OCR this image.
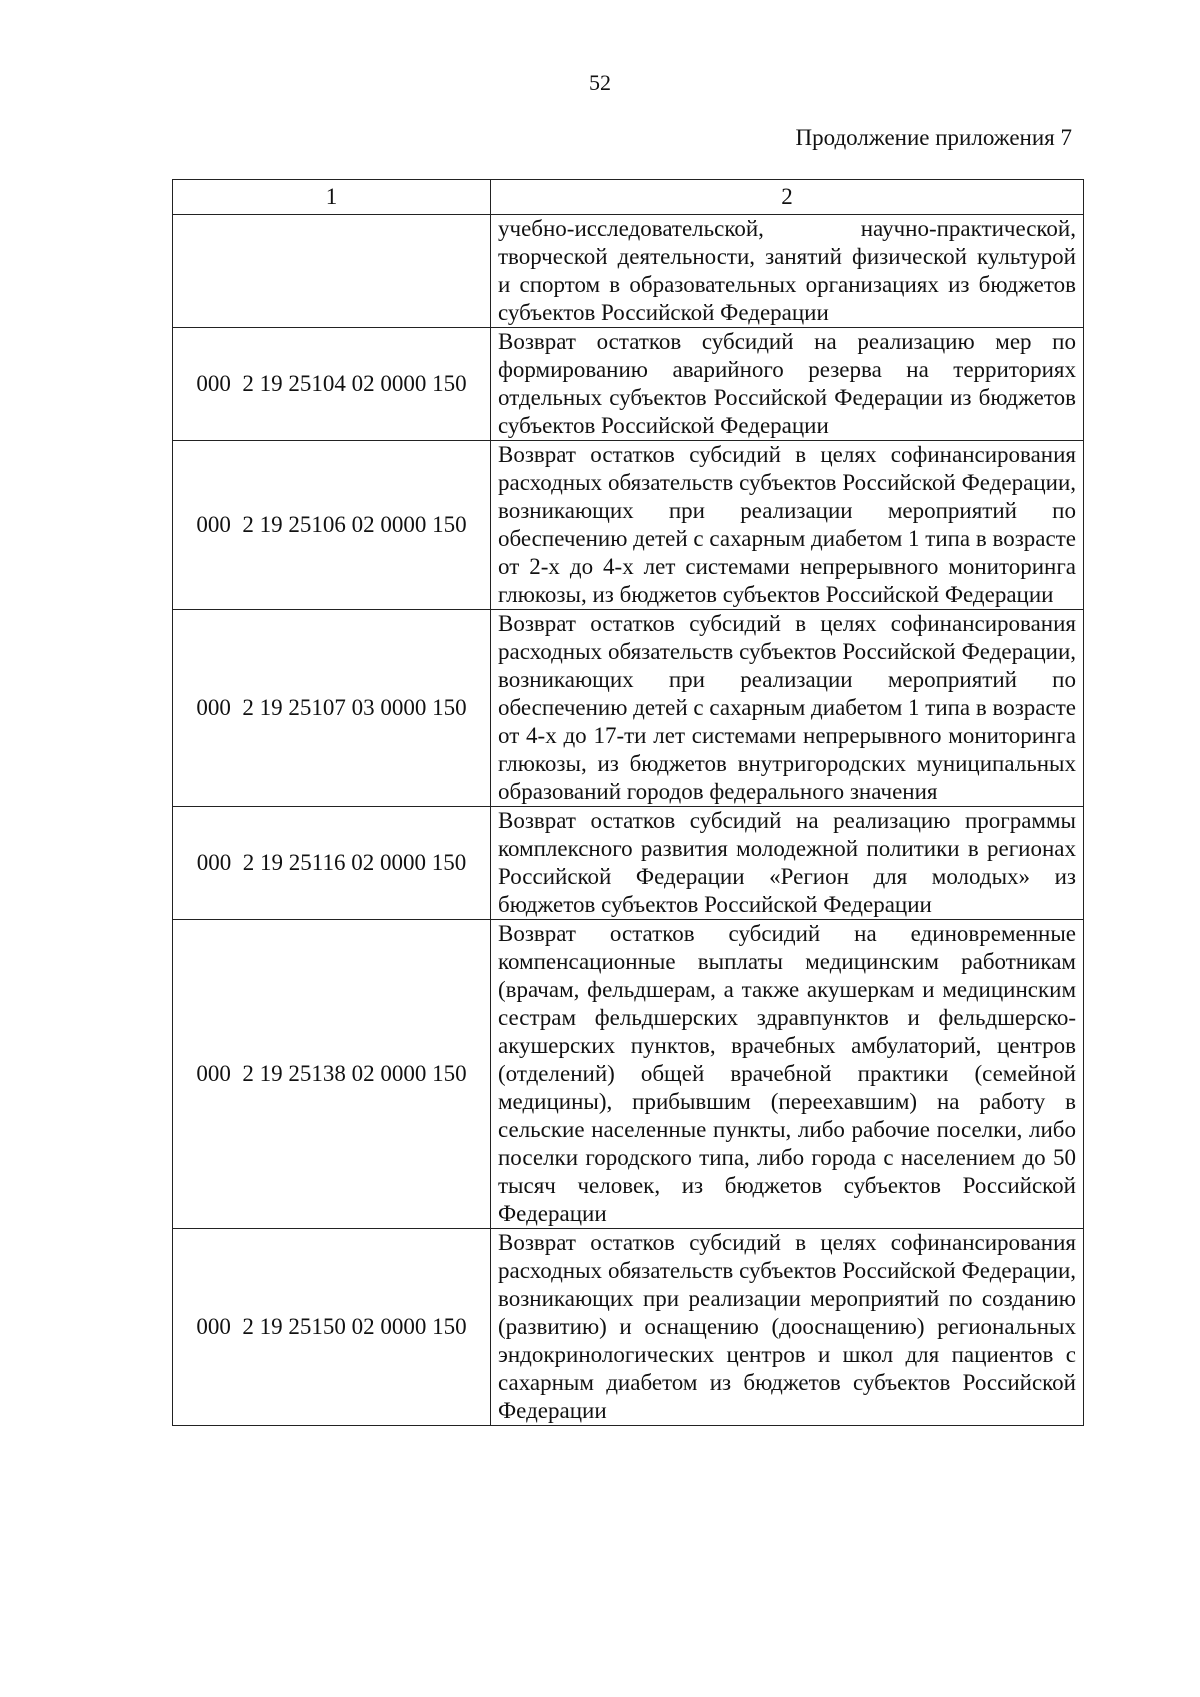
52
Продолжение приложения 7
1	2
	учебно-исследовательской, научно-практической, творческой деятельности, занятий физической культурой и спортом в образовательных организациях из бюджетов субъектов Российской Федерации
000  2 19 25104 02 0000 150	Возврат остатков субсидий на реализацию мер по формированию аварийного резерва на территориях отдельных субъектов Российской Федерации из бюджетов субъектов Российской Федерации
000  2 19 25106 02 0000 150	Возврат остатков субсидий в целях софинансирования расходных обязательств субъектов Российской Федерации, возникающих при реализации мероприятий по обеспечению детей с сахарным диабетом 1 типа в возрасте от 2-х до 4-х лет системами непрерывного мониторинга глюкозы, из бюджетов субъектов Российской Федерации
000  2 19 25107 03 0000 150	Возврат остатков субсидий в целях софинансирования расходных обязательств субъектов Российской Федерации, возникающих при реализации мероприятий по обеспечению детей с сахарным диабетом 1 типа в возрасте от 4-х до 17-ти лет системами непрерывного мониторинга глюкозы, из бюджетов внутригородских муниципальных образований городов федерального значения
000  2 19 25116 02 0000 150	Возврат остатков субсидий на реализацию программы комплексного развития молодежной политики в регионах Российской Федерации «Регион для молодых» из бюджетов субъектов Российской Федерации
000  2 19 25138 02 0000 150	Возврат остатков субсидий на единовременные компенсационные выплаты медицинским работникам (врачам, фельдшерам, а также акушеркам и медицинским сестрам фельдшерских здравпунктов и фельдшерско-акушерских пунктов, врачебных амбулаторий, центров (отделений) общей врачебной практики (семейной медицины), прибывшим (переехавшим) на работу в сельские населенные пункты, либо рабочие поселки, либо поселки городского типа, либо города с населением до 50 тысяч человек, из бюджетов субъектов Российской Федерации
000  2 19 25150 02 0000 150	Возврат остатков субсидий в целях софинансирования расходных обязательств субъектов Российской Федерации, возникающих при реализации мероприятий по созданию (развитию) и оснащению (дооснащению) региональных эндокринологических центров и школ для пациентов с сахарным диабетом из бюджетов субъектов Российской Федерации
